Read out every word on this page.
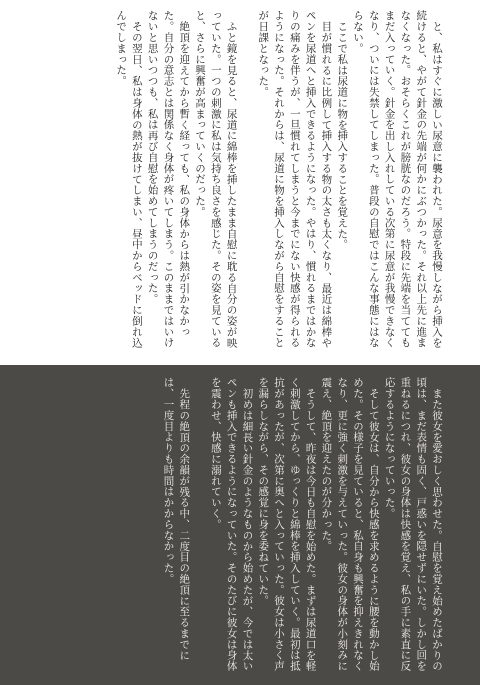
と、私はすぐに激しい尿意に襲われた。尿意を我慢しながら挿入を続けると、やがて針金の先端が何かにぶつかった。それ以上先に進まなくなった。おそらくこれが膀胱なのだろう。特段に先端を当ててもまだ入っていく。針金を出し入れしている次第に尿意が我慢できなくなり、ついには失禁してしまった。普段の自慰ではこんな事態にはならない。

ここで私は尿道に物を挿入することを覚えた。

目が慣れるに比例して挿入する物の太さも太くなり、最近は綿棒やペンを尿道へと挿入できるようになった。やはり、慣れるまではかなりの痛みを伴うが、一旦慣れてしまうと今までにない快感が得られるようになった。それからは、尿道に物を挿入しながら自慰をすることが日課となった。

ふと鏡を見ると、尿道に綿棒を挿したまま自慰に耽る自分の姿が映っていた。一つの刺激に私は気持ち良さを感じた。その姿を見ていると、さらに興奮が高まっていくのだった。

絶頂を迎えてから暫く経っても、私の身体からは熱が引かなかった。自分の意志とは関係なく身体が疼いてしまう。このままではいけないと思いつつも、私は再び自慰を始めてしまうのだった。

その翌日、私は身体の熱が抜けてしまい、昼中からベッドに倒れ込んでしまった。

また彼女を愛おしく思わせた。自慰を覚え始めたばかりの頃は、まだ表情も固く、戸惑いを隠せずにいた。しかし回を重ねるにつれ、彼女の身体は快感を覚え、私の手に素直に反応するようになっていった。

そして彼女は、自分から快感を求めるように腰を動かし始めた。その様子を見ていると、私自身も興奮を抑えきれなくなり、更に強く刺激を与えていった。彼女の身体が小刻みに震え、絶頂を迎えたのが分かった。

そうして、昨夜は今日も自慰を始めた。まずは尿道口を軽く刺激してから、ゆっくりと綿棒を挿入していく。最初は抵抗があったが、次第に奥へと入っていった。彼女は小さく声を漏らしながら、その感覚に身を委ねていた。

初めは細長い針金のようなものから始めたが、今では太いペンも挿入できるようになっていた。そのたびに彼女は身体を震わせ、快感に溺れていく。

先程の絶頂の余韻が残る中、二度目の絶頂に至るまでには、一度目よりも時間はかからなかった。
